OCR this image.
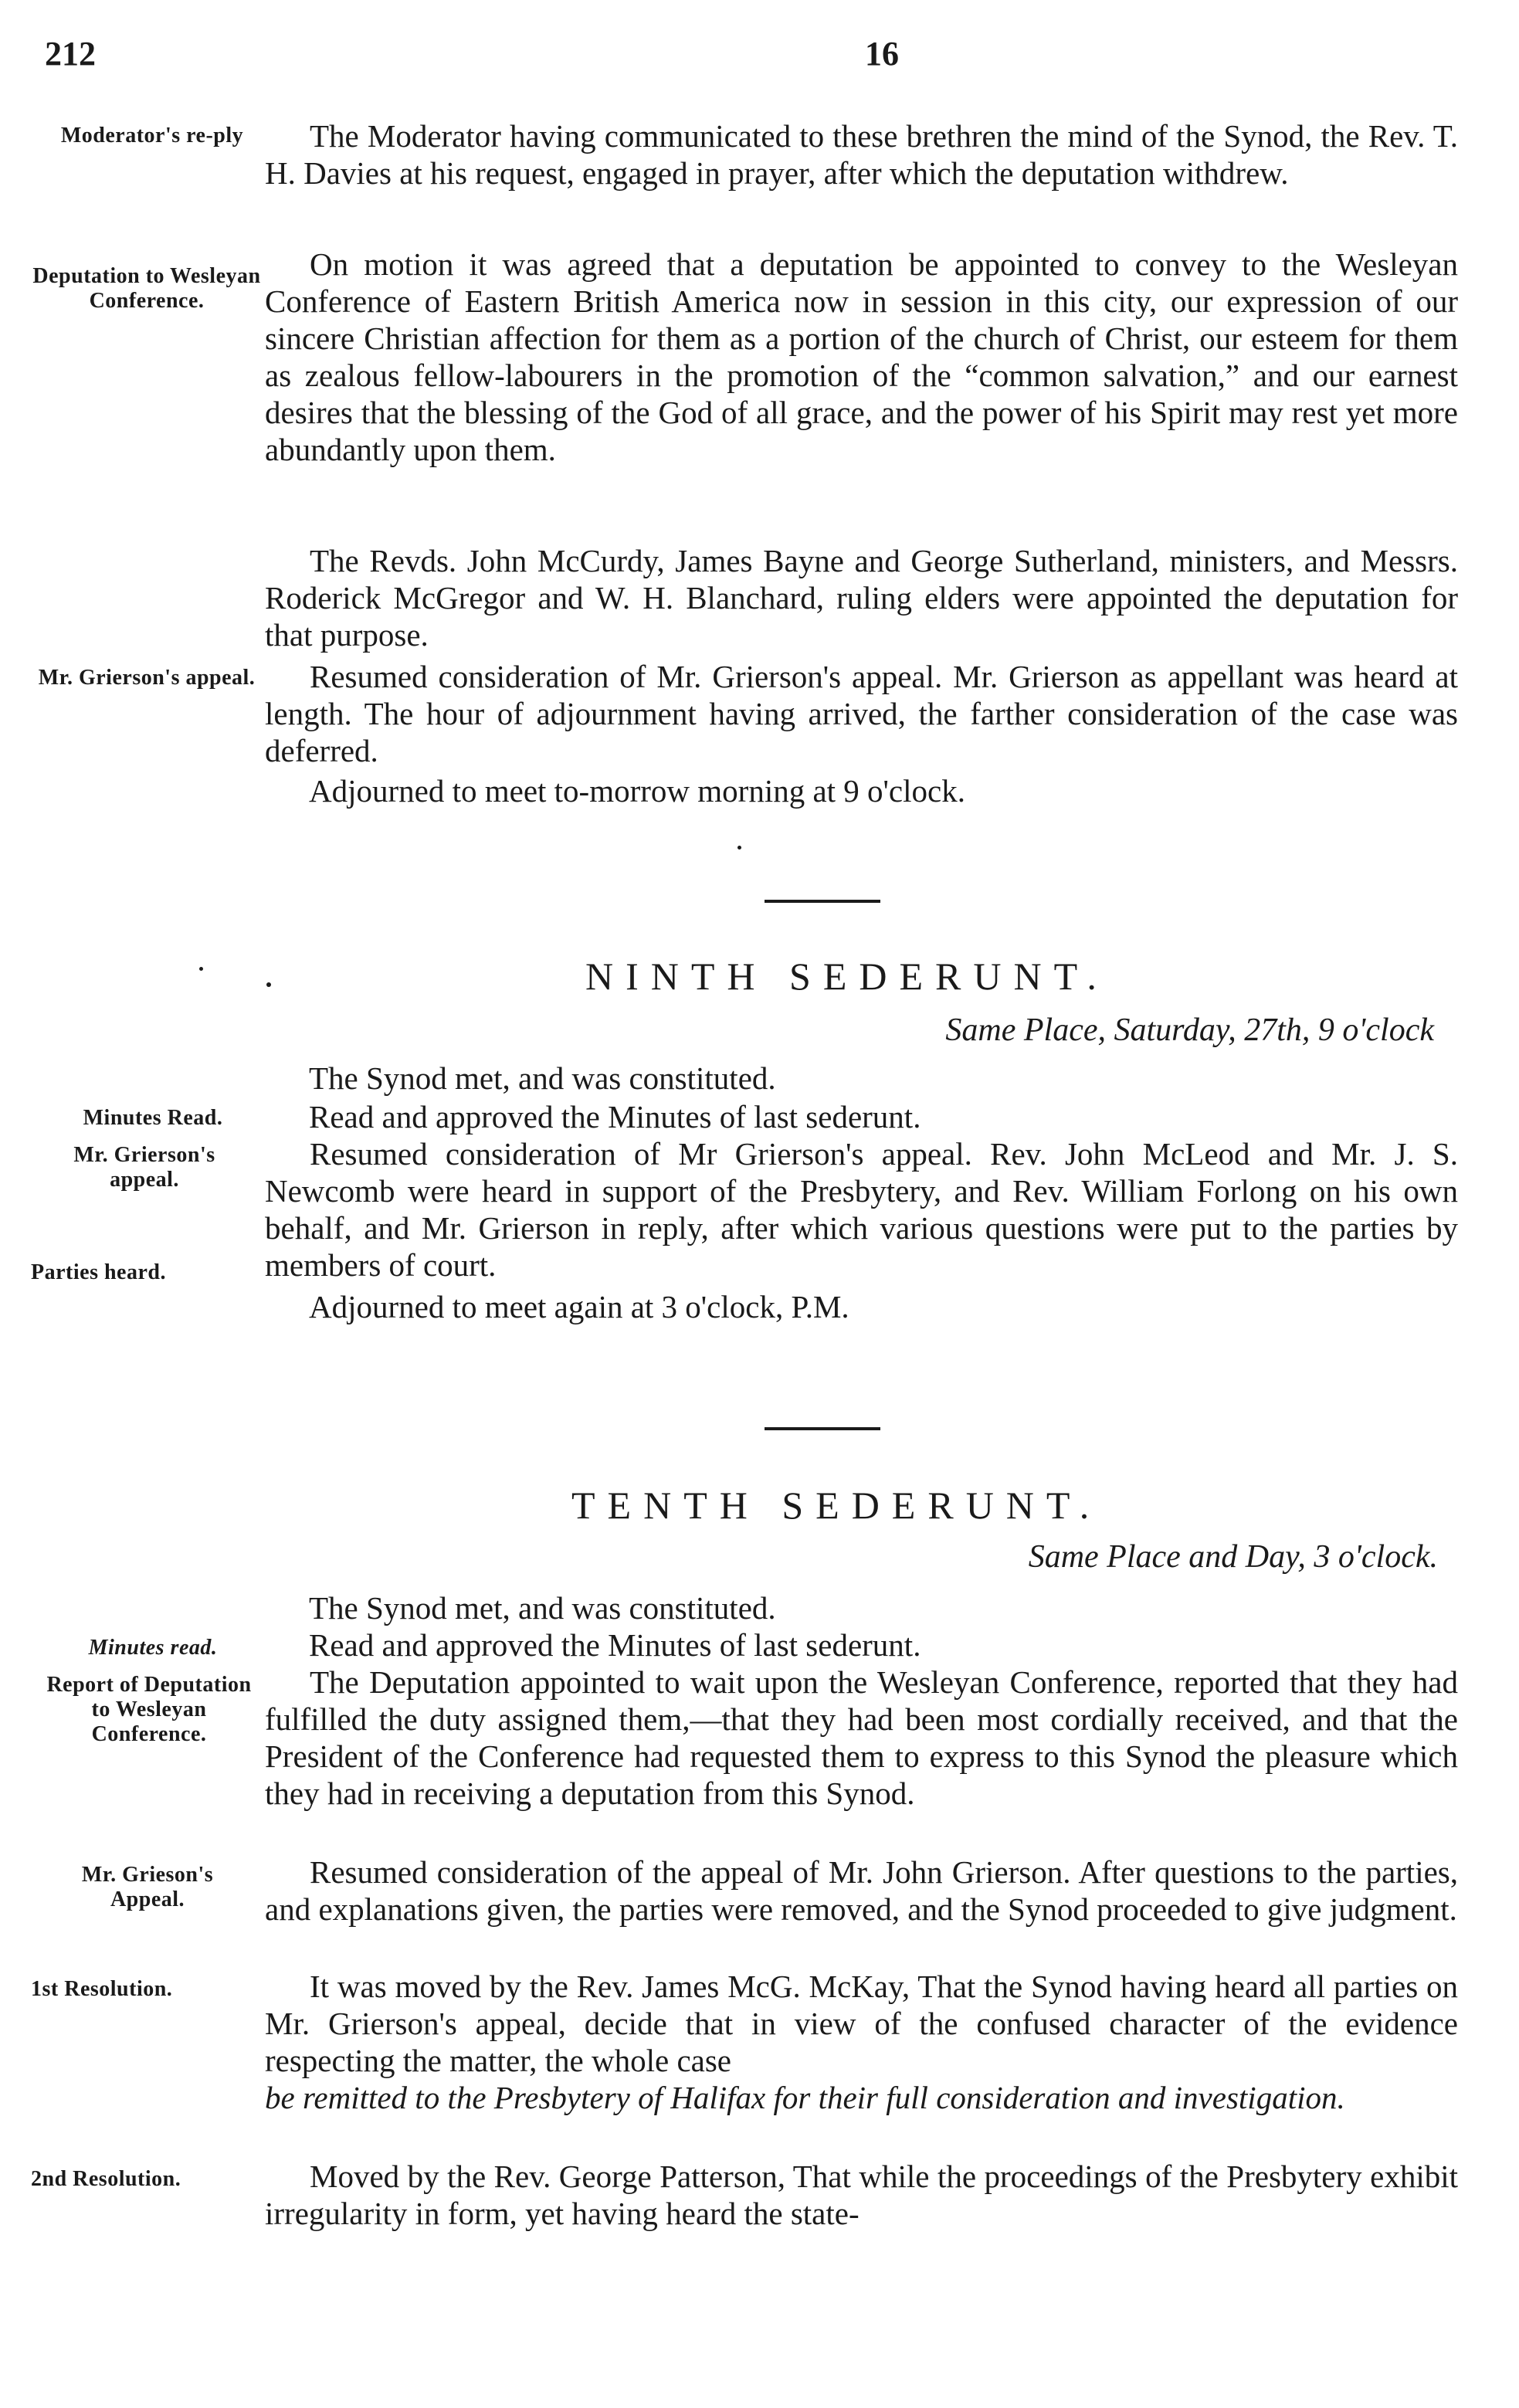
212	16
Moderator's re-ply	The Moderator having communicated to these brethren the mind of the Synod, the Rev. T. H. Davies at his request, engaged in prayer, after which the deputation withdrew.
Deputation to Wesleyan Conference.
On motion it was agreed that a deputation be appointed to convey to the Wesleyan Conference of Eastern British America now in session in this city, our expression of our sincere Christian affection for them as a portion of the church of Christ, our esteem for them as zealous fellow-labourers in the promotion of the “common salvation,” and our earnest desires that the blessing of the God of all grace, and the power of his Spirit may rest yet more abundantly upon them.
The Revds. John McCurdy, James Bayne and George Sutherland, ministers, and Messrs. Roderick McGregor and W. H. Blanchard, ruling elders were appointed the deputation for that purpose.
Mr. Grierson's appeal.	Resumed consideration of Mr. Grierson's appeal. Mr. Grierson as appellant was heard at length. The hour of adjournment having arrived, the farther consideration of the case was deferred.
Adjourned to meet to-morrow morning at 9 o'clock.
NINTH SEDERUNT.
Same Place, Saturday, 27th, 9 o'clock
The Synod met, and was constituted.
Minutes Read.	Read and approved the Minutes of last sederunt.
Mr. Grierson's appeal.
Parties heard.
Resumed consideration of Mr Grierson's appeal. Rev. John McLeod and Mr. J. S. Newcomb were heard in support of the Presbytery, and Rev. William Forlong on his own behalf, and Mr. Grierson in reply, after which various questions were put to the parties by members of court.
Adjourned to meet again at 3 o'clock, P.M.
TENTH SEDERUNT.
Same Place and Day, 3 o'clock.
The Synod met, and was constituted.
Minutes read.	Read and approved the Minutes of last sederunt.
Report of Deputation to Wesleyan Conference.
The Deputation appointed to wait upon the Wesleyan Conference, reported that they had fulfilled the duty assigned them,—that they had been most cordially received, and that the President of the Conference had requested them to express to this Synod the pleasure which they had in receiving a deputation from this Synod.
Mr. Grieson's Appeal.
Resumed consideration of the appeal of Mr. John Grierson. After questions to the parties, and explanations given, the parties were removed, and the Synod proceeded to give judgment.
1st Resolution.	It was moved by the Rev. James McG. McKay, That the Synod having heard all parties on Mr. Grierson's appeal, decide that in view of the confused character of the evidence respecting the matter, the whole case
be remitted to the Presbytery of Halifax for their full consideration and investigation.
2nd Resolution.	Moved by the Rev. George Patterson, That while the proceedings of the Presbytery exhibit irregularity in form, yet having heard the state-
